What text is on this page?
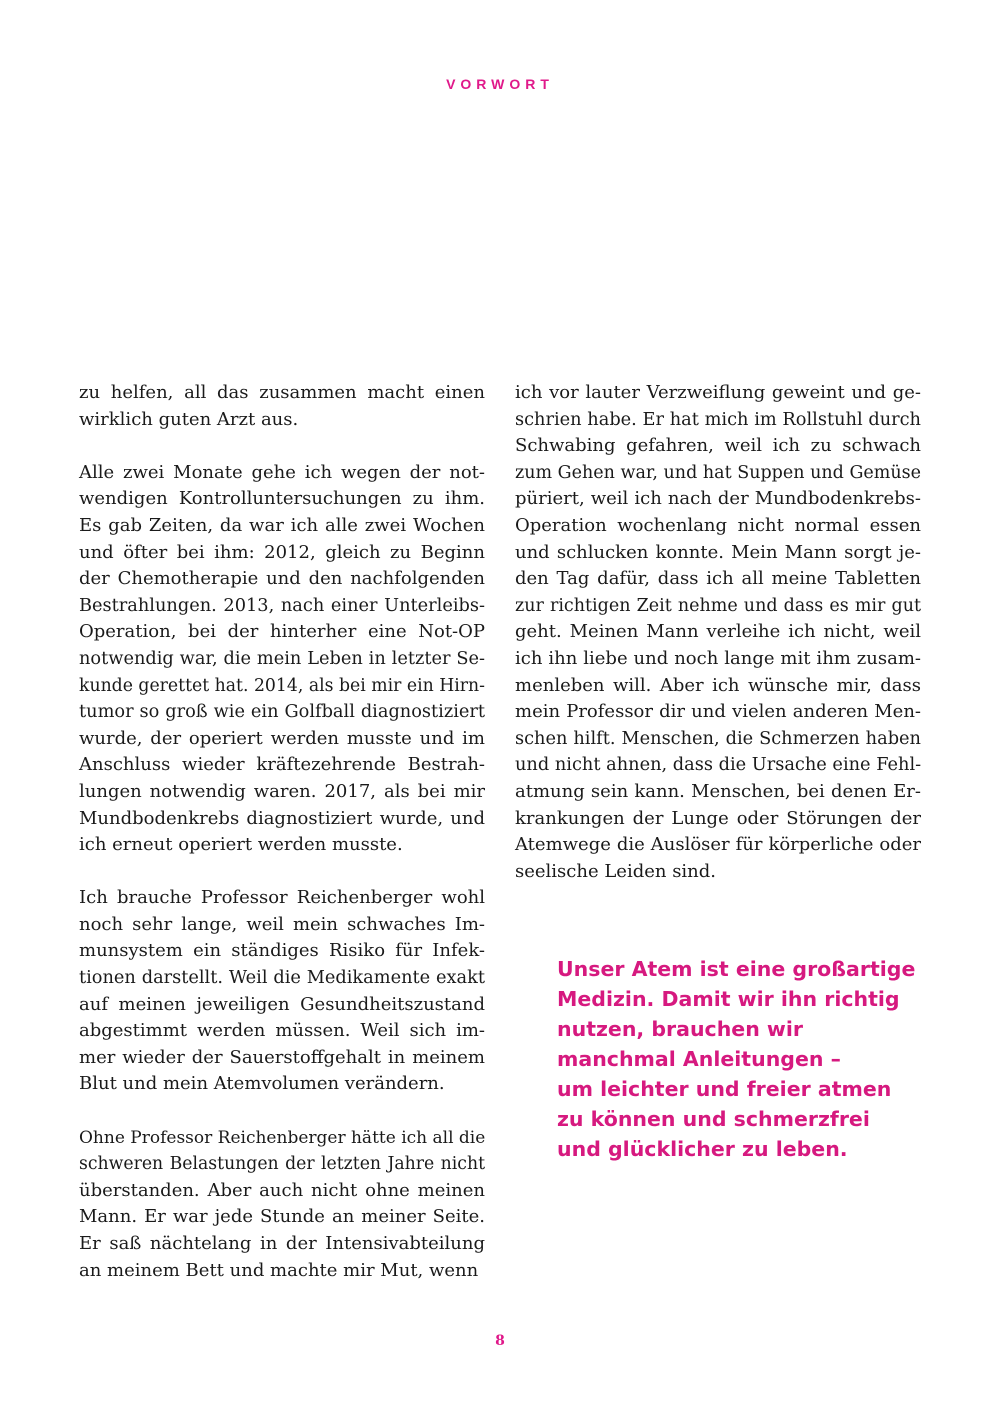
VORWORT
zu helfen, all das zusammen macht einen
wirklich guten Arzt aus.
Alle zwei Monate gehe ich wegen der not-
wendigen Kontrolluntersuchungen zu ihm.
Es gab Zeiten, da war ich alle zwei Wochen
und öfter bei ihm: 2012, gleich zu Beginn
der Chemotherapie und den nachfolgenden
Bestrahlungen. 2013, nach einer Unterleibs-
Operation, bei der hinterher eine Not-OP
notwendig war, die mein Leben in letzter Se-
kunde gerettet hat. 2014, als bei mir ein Hirn-
tumor so groß wie ein Golfball diagnostiziert
wurde, der operiert werden musste und im
Anschluss wieder kräftezehrende Bestrah-
lungen notwendig waren. 2017, als bei mir
Mundbodenkrebs diagnostiziert wurde, und
ich erneut operiert werden musste.
Ich brauche Professor Reichenberger wohl
noch sehr lange, weil mein schwaches Im-
munsystem ein ständiges Risiko für Infek-
tionen darstellt. Weil die Medikamente exakt
auf meinen jeweiligen Gesundheitszustand
abgestimmt werden müssen. Weil sich im-
mer wieder der Sauerstoffgehalt in meinem
Blut und mein Atemvolumen verändern.
Ohne Professor Reichenberger hätte ich all die
schweren Belastungen der letzten Jahre nicht
überstanden. Aber auch nicht ohne meinen
Mann. Er war jede Stunde an meiner Seite.
Er saß nächtelang in der Intensivabteilung
an meinem Bett und machte mir Mut, wenn
ich vor lauter Verzweiflung geweint und ge-
schrien habe. Er hat mich im Rollstuhl durch
Schwabing gefahren, weil ich zu schwach
zum Gehen war, und hat Suppen und Gemüse
püriert, weil ich nach der Mundbodenkrebs-
Operation wochenlang nicht normal essen
und schlucken konnte. Mein Mann sorgt je-
den Tag dafür, dass ich all meine Tabletten
zur richtigen Zeit nehme und dass es mir gut
geht. Meinen Mann verleihe ich nicht, weil
ich ihn liebe und noch lange mit ihm zusam-
menleben will. Aber ich wünsche mir, dass
mein Professor dir und vielen anderen Men-
schen hilft. Menschen, die Schmerzen haben
und nicht ahnen, dass die Ursache eine Fehl-
atmung sein kann. Menschen, bei denen Er-
krankungen der Lunge oder Störungen der
Atemwege die Auslöser für körperliche oder
seelische Leiden sind.
Unser Atem ist eine großartige
Medizin. Damit wir ihn richtig
nutzen, brauchen wir
manchmal Anleitungen –
um leichter und freier atmen
zu können und schmerzfrei
und glücklicher zu leben.
8
